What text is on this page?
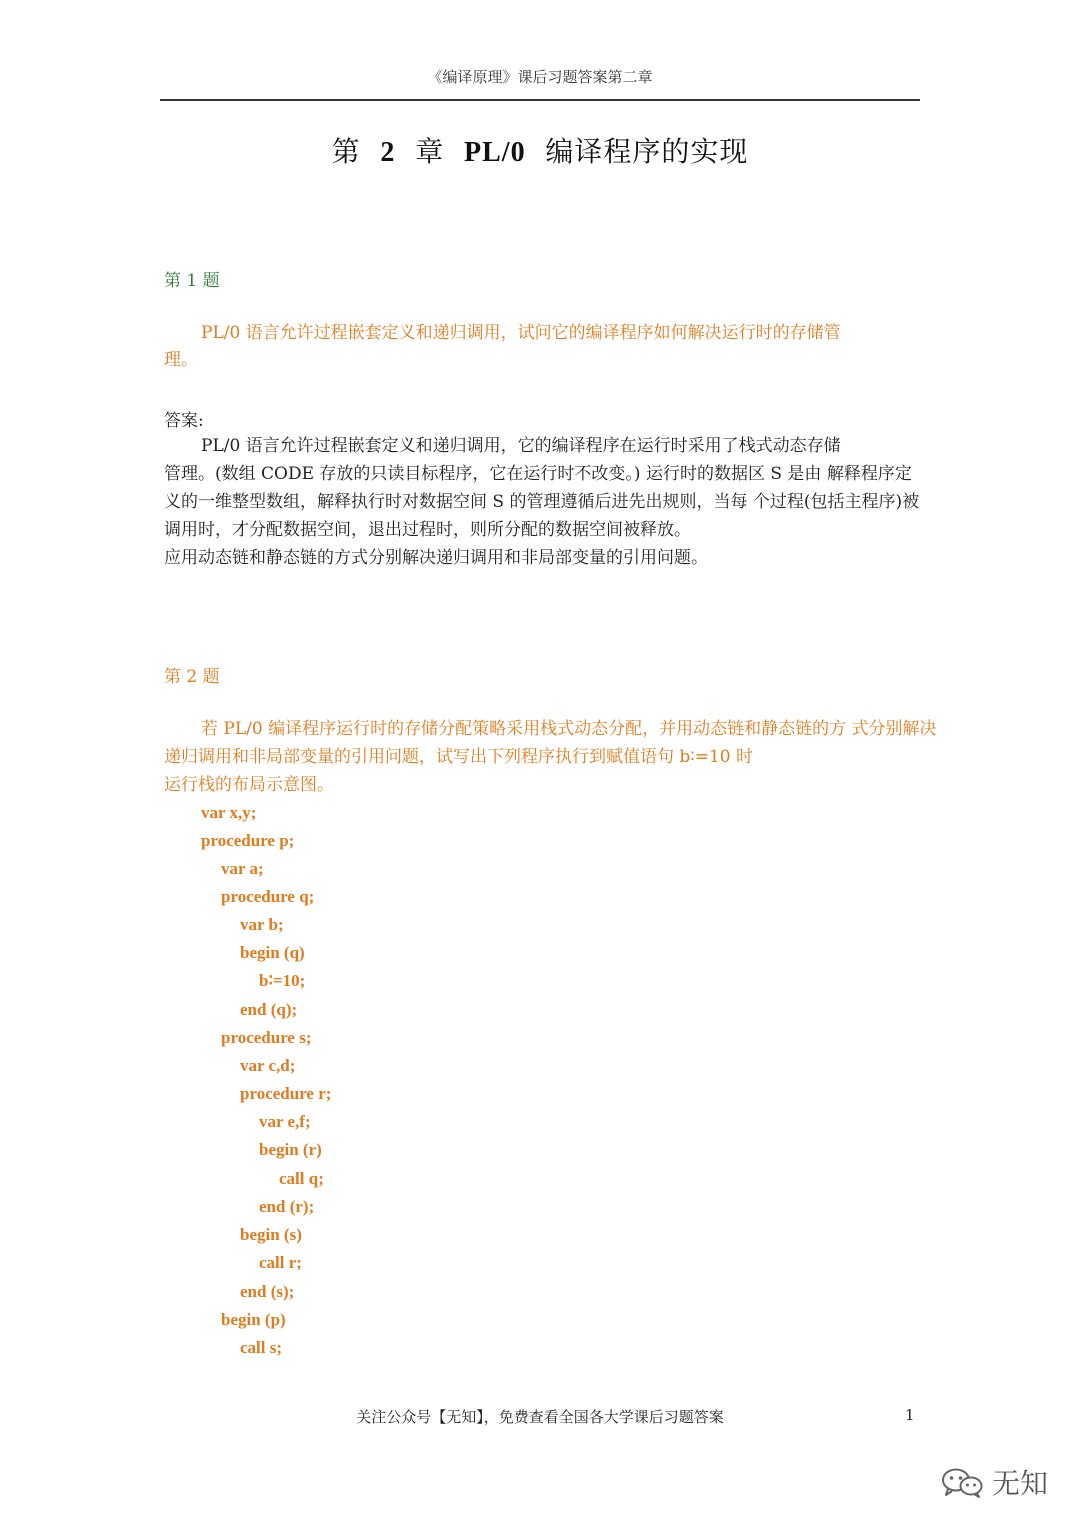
《编译原理》课后习题答案第二章
第 2 章 PL/0 编译程序的实现
第 1 题
PL/0 语言允许过程嵌套定义和递归调用，试问它的编译程序如何解决运行时的存储管
理。
答案:
PL/0 语言允许过程嵌套定义和递归调用，它的编译程序在运行时采用了栈式动态存储
管理。(数组 CODE 存放的只读目标程序，它在运行时不改变。) 运行时的数据区 S 是由 解释程序定
义的一维整型数组，解释执行时对数据空间 S 的管理遵循后进先出规则，当每 个过程(包括主程序)被
调用时，才分配数据空间，退出过程时，则所分配的数据空间被释放。
应用动态链和静态链的方式分别解决递归调用和非局部变量的引用问题。
第 2 题
若 PL/0 编译程序运行时的存储分配策略采用栈式动态分配，并用动态链和静态链的方 式分别解决
递归调用和非局部变量的引用问题，试写出下列程序执行到赋值语句 b∶=10 时
运行栈的布局示意图。
var x,y;
procedure p;
var a;
procedure q;
var b;
begin (q)
b∶=10;
end (q);
procedure s;
var c,d;
procedure r;
var e,f;
begin (r)
call q;
end (r);
begin (s)
call r;
end (s);
begin (p)
call s;
关注公众号【无知】，免费查看全国各大学课后习题答案	1
无知
